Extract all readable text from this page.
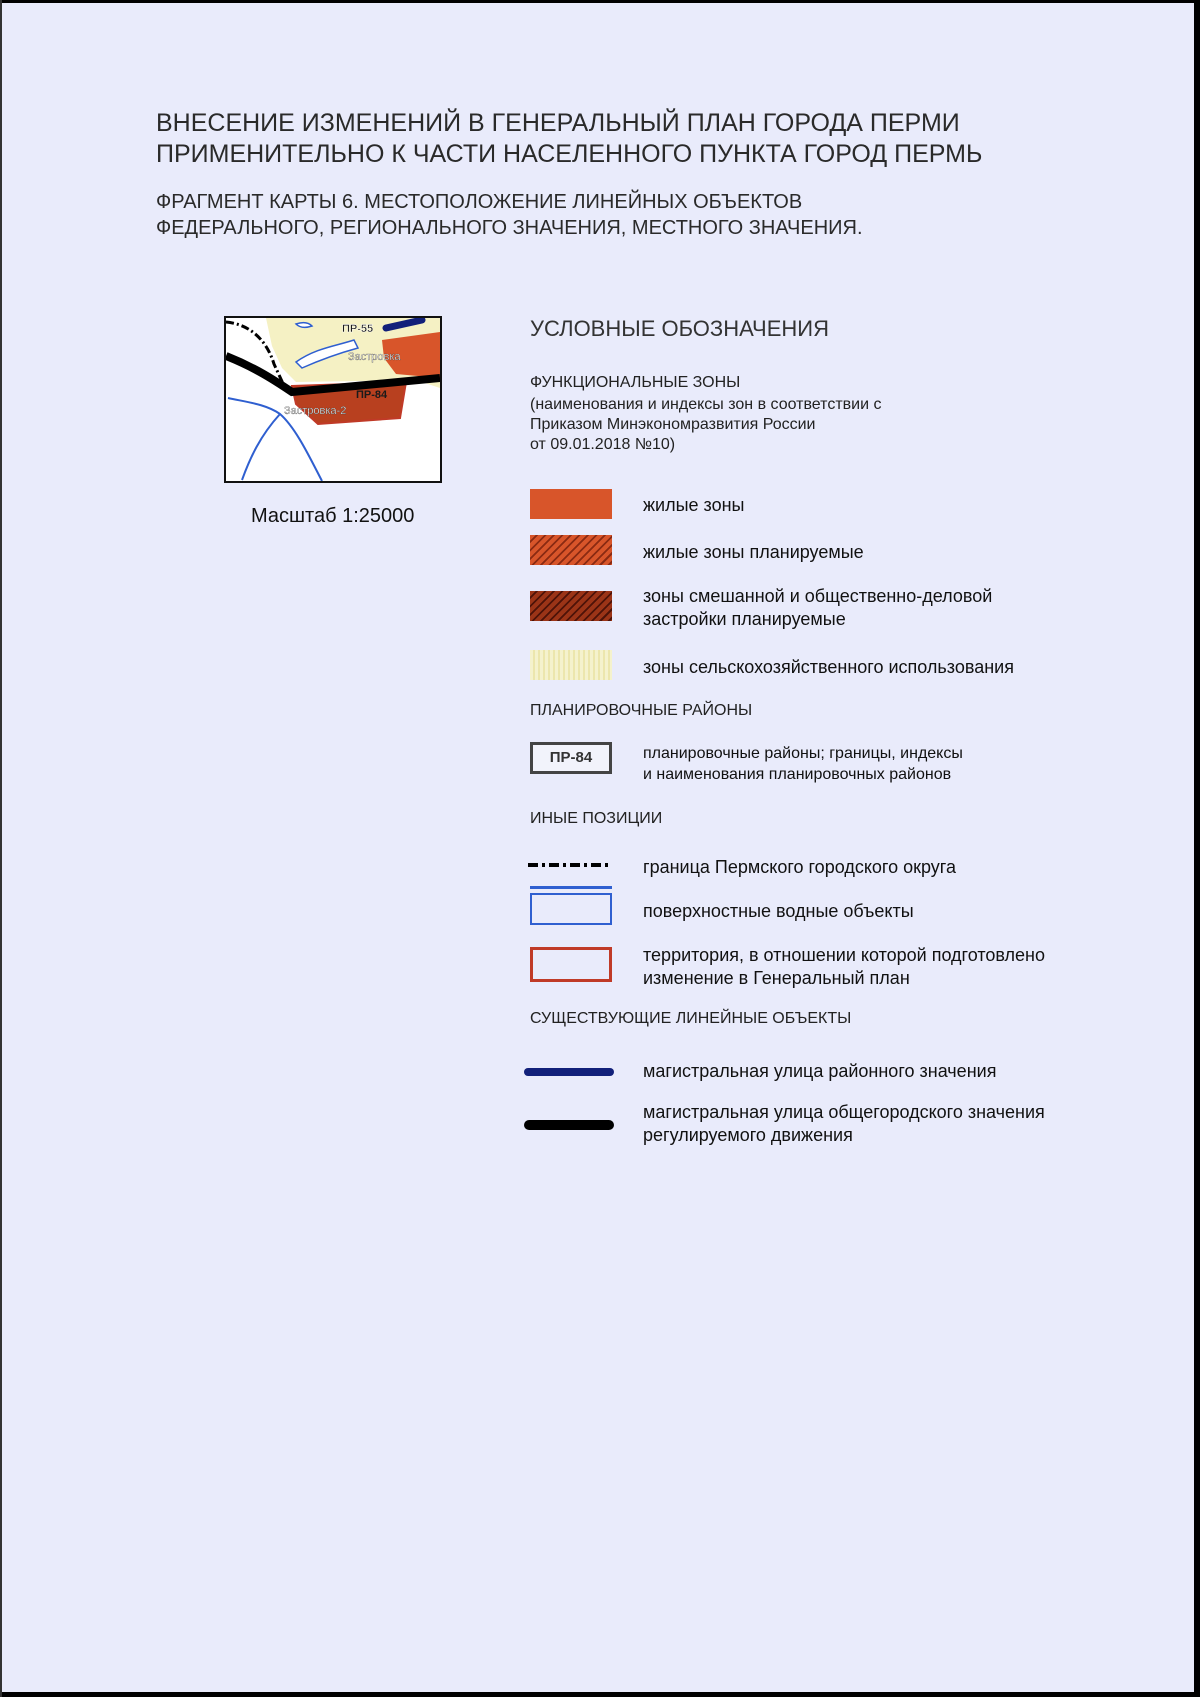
ВНЕСЕНИЕ ИЗМЕНЕНИЙ В ГЕНЕРАЛЬНЫЙ ПЛАН ГОРОДА ПЕРМИ
ПРИМЕНИТЕЛЬНО К ЧАСТИ НАСЕЛЕННОГО ПУНКТА ГОРОД ПЕРМЬ
ФРАГМЕНТ КАРТЫ 6. МЕСТОПОЛОЖЕНИЕ ЛИНЕЙНЫХ ОБЪЕКТОВ
ФЕДЕРАЛЬНОГО, РЕГИОНАЛЬНОГО ЗНАЧЕНИЯ, МЕСТНОГО ЗНАЧЕНИЯ.
ПР-55
Застровка
ПР-84
Застровка-2
Масштаб 1:25000
УСЛОВНЫЕ ОБОЗНАЧЕНИЯ
ФУНКЦИОНАЛЬНЫЕ ЗОНЫ
(наименования и индексы зон в соответствии с
Приказом Минэкономразвития России
от 09.01.2018 №10)
жилые зоны
жилые зоны планируемые
зоны смешанной и общественно-деловой
застройки планируемые
зоны сельскохозяйственного использования
ПЛАНИРОВОЧНЫЕ РАЙОНЫ
ПР-84	планировочные районы; границы, индексы
и наименования планировочных районов
ИНЫЕ ПОЗИЦИИ
граница Пермского городского округа
поверхностные водные объекты
территория, в отношении которой подготовлено
изменение в Генеральный план
СУЩЕСТВУЮЩИЕ ЛИНЕЙНЫЕ ОБЪЕКТЫ
магистральная улица районного значения
магистральная улица общегородского значения
регулируемого движения
